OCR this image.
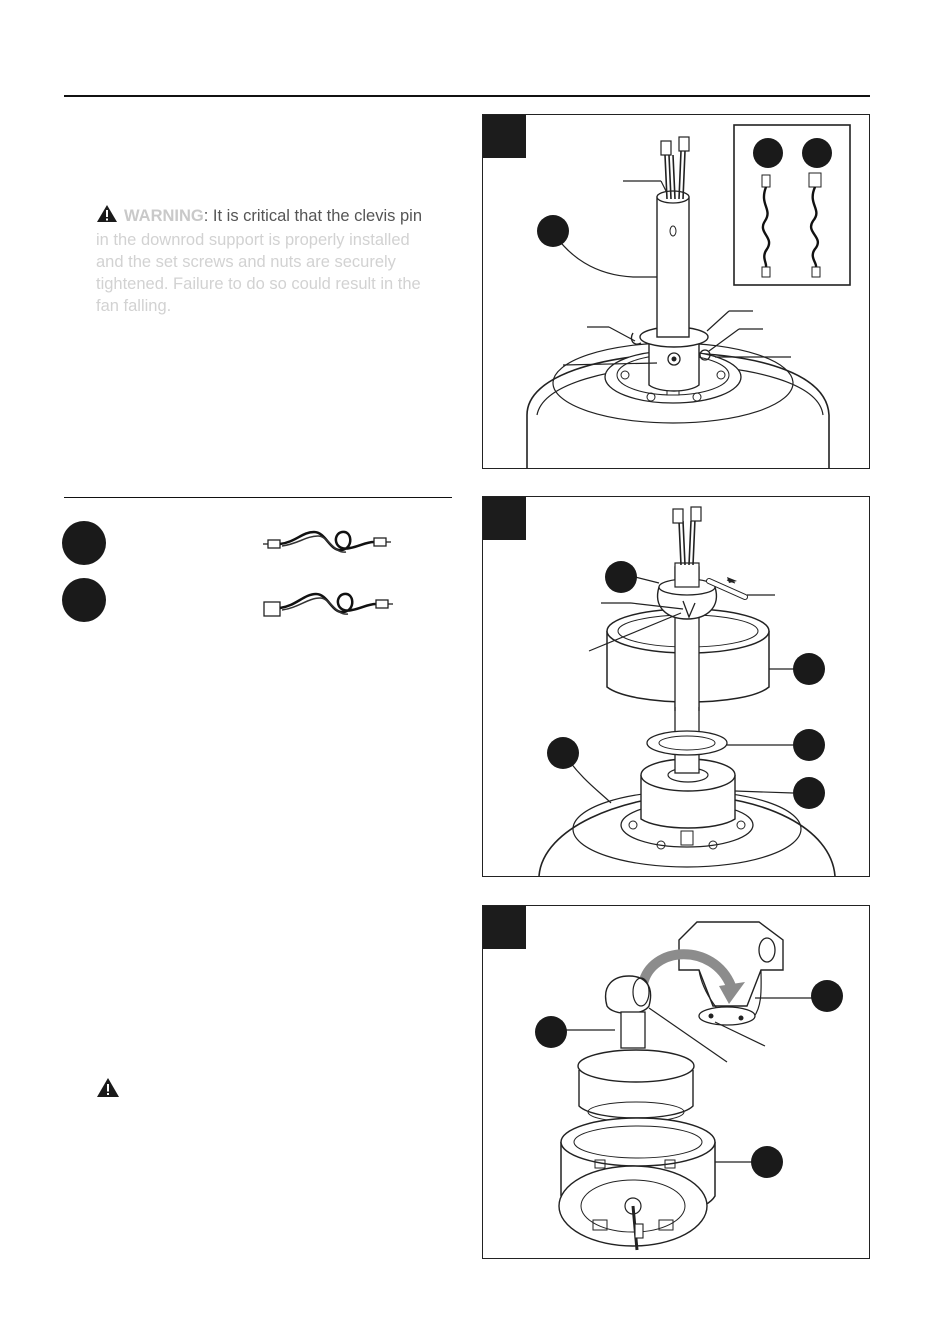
WARNING: It is critical that the clevis pin
in the downrod support is properly installed
and the set screws and nuts are securely
tightened. Failure to do so could result in the
fan falling.
